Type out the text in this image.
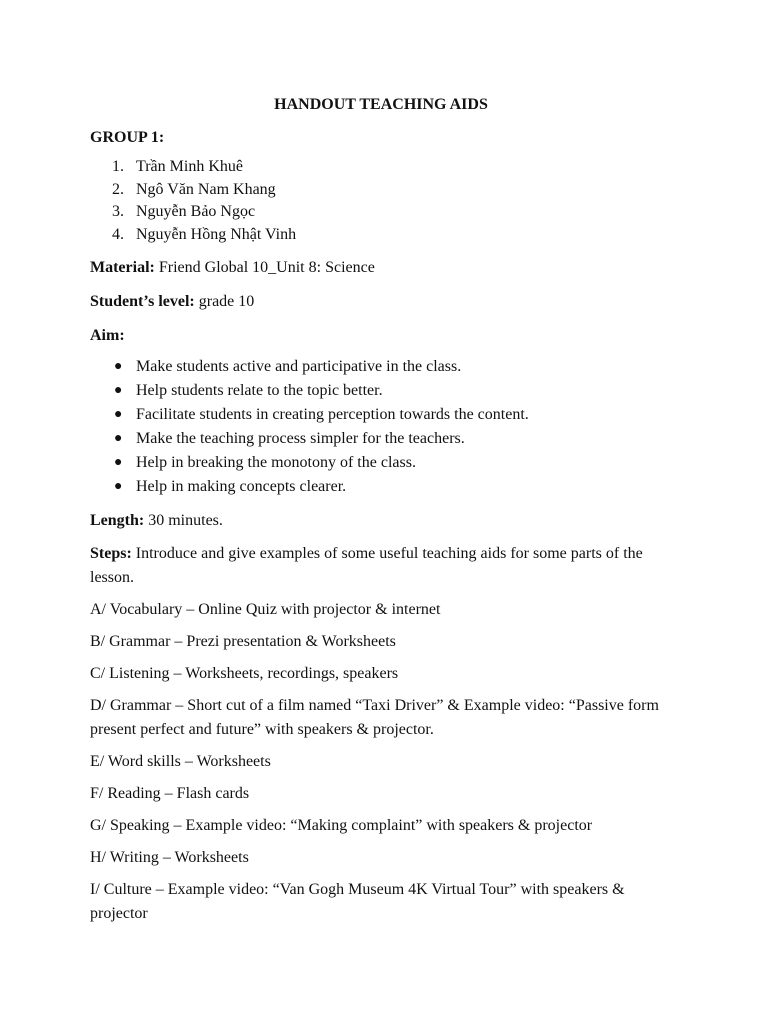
HANDOUT TEACHING AIDS
GROUP 1:
1. Trần Minh Khuê
2. Ngô Văn Nam Khang
3. Nguyễn Bảo Ngọc
4. Nguyễn Hồng Nhật Vinh
Material: Friend Global 10_Unit 8: Science
Student’s level: grade 10
Aim:
● Make students active and participative in the class.
● Help students relate to the topic better.
● Facilitate students in creating perception towards the content.
● Make the teaching process simpler for the teachers.
● Help in breaking the monotony of the class.
● Help in making concepts clearer.
Length: 30 minutes.
Steps: Introduce and give examples of some useful teaching aids for some parts of the lesson.
A/ Vocabulary – Online Quiz with projector & internet
B/ Grammar – Prezi presentation & Worksheets
C/ Listening – Worksheets, recordings, speakers
D/ Grammar – Short cut of a film named “Taxi Driver” & Example video: “Passive form present perfect and future” with speakers & projector.
E/ Word skills – Worksheets
F/ Reading – Flash cards
G/ Speaking – Example video: “Making complaint” with speakers & projector
H/ Writing – Worksheets
I/ Culture – Example video: “Van Gogh Museum 4K Virtual Tour” with speakers & projector
